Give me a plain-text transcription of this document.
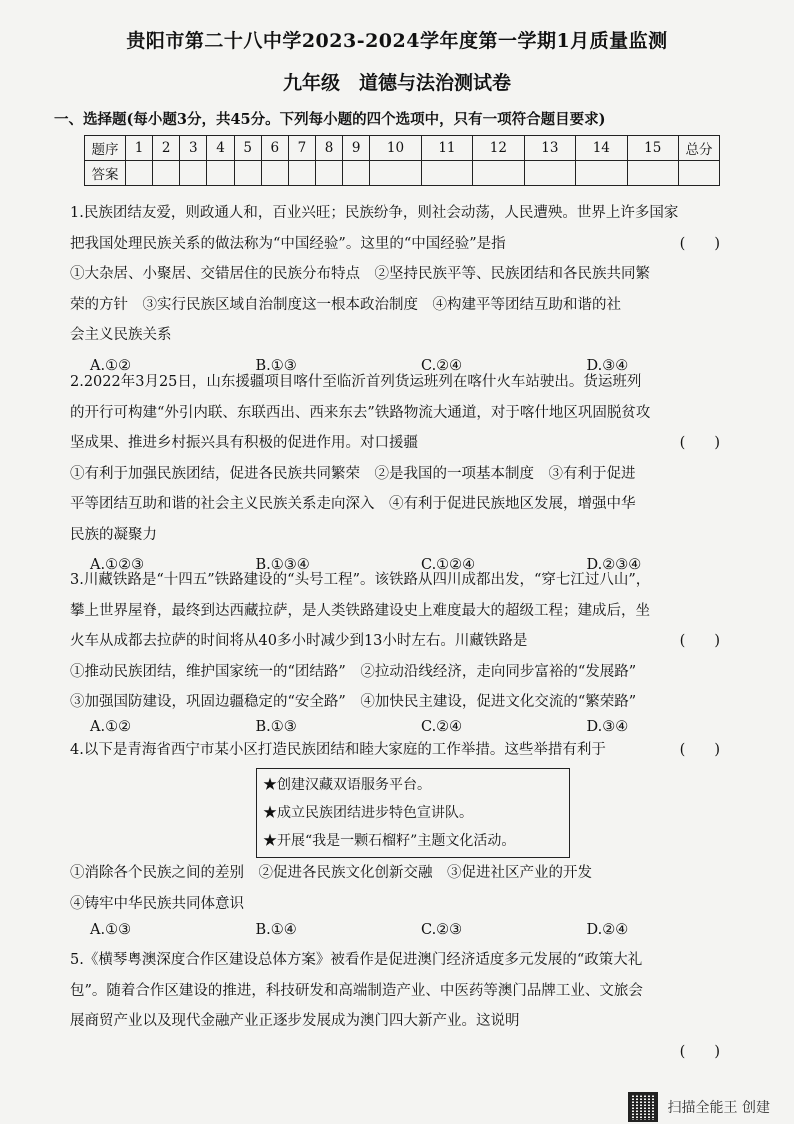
贵阳市第二十八中学2023-2024学年度第一学期1月质量监测
九年级　道德与法治测试卷
一、选择题(每小题3分，共45分。下列每小题的四个选项中，只有一项符合题目要求)
题序	1	2	3	4	5	6	7	8	9	10	11	12	13	14	15	总分
答案																

1.民族团结友爱，则政通人和，百业兴旺；民族纷争，则社会动荡，人民遭殃。世界上许多国家

把我国处理民族关系的做法称为“中国经验”。这里的“中国经验”是指	(　　)

①大杂居、小聚居、交错居住的民族分布特点　②坚持民族平等、民族团结和各民族共同繁

荣的方针　③实行民族区域自治制度这一根本政治制度　④构建平等团结互助和谐的社

会主义民族关系

A.①②	B.①③	C.②④	D.③④

2.2022年3月25日，山东援疆项目喀什至临沂首列货运班列在喀什火车站驶出。货运班列

的开行可构建“外引内联、东联西出、西来东去”铁路物流大通道，对于喀什地区巩固脱贫攻

坚成果、推进乡村振兴具有积极的促进作用。对口援疆	(　　)

①有利于加强民族团结，促进各民族共同繁荣　②是我国的一项基本制度　③有利于促进

平等团结互助和谐的社会主义民族关系走向深入　④有利于促进民族地区发展，增强中华

民族的凝聚力

A.①②③	B.①③④	C.①②④	D.②③④

3.川藏铁路是“十四五”铁路建设的“头号工程”。该铁路从四川成都出发，“穿七江过八山”，

攀上世界屋脊，最终到达西藏拉萨，是人类铁路建设史上难度最大的超级工程；建成后，坐

火车从成都去拉萨的时间将从40多小时减少到13小时左右。川藏铁路是	(　　)

①推动民族团结，维护国家统一的“团结路”　②拉动沿线经济，走向同步富裕的“发展路”

③加强国防建设，巩固边疆稳定的“安全路”　④加快民主建设，促进文化交流的“繁荣路”

A.①②	B.①③	C.②④	D.③④

4.以下是青海省西宁市某小区打造民族团结和睦大家庭的工作举措。这些举措有利于	(　　)

★创建汉藏双语服务平台。
★成立民族团结进步特色宣讲队。
★开展“我是一颗石榴籽”主题文化活动。

①消除各个民族之间的差别　②促进各民族文化创新交融　③促进社区产业的开发

④铸牢中华民族共同体意识

A.①③	B.①④	C.②③	D.②④

5.《横琴粤澳深度合作区建设总体方案》被看作是促进澳门经济适度多元发展的“政策大礼

包”。随着合作区建设的推进，科技研发和高端制造产业、中医药等澳门品牌工业、文旅会

展商贸产业以及现代金融产业正逐步发展成为澳门四大新产业。这说明

(　　)

扫描全能王 创建
